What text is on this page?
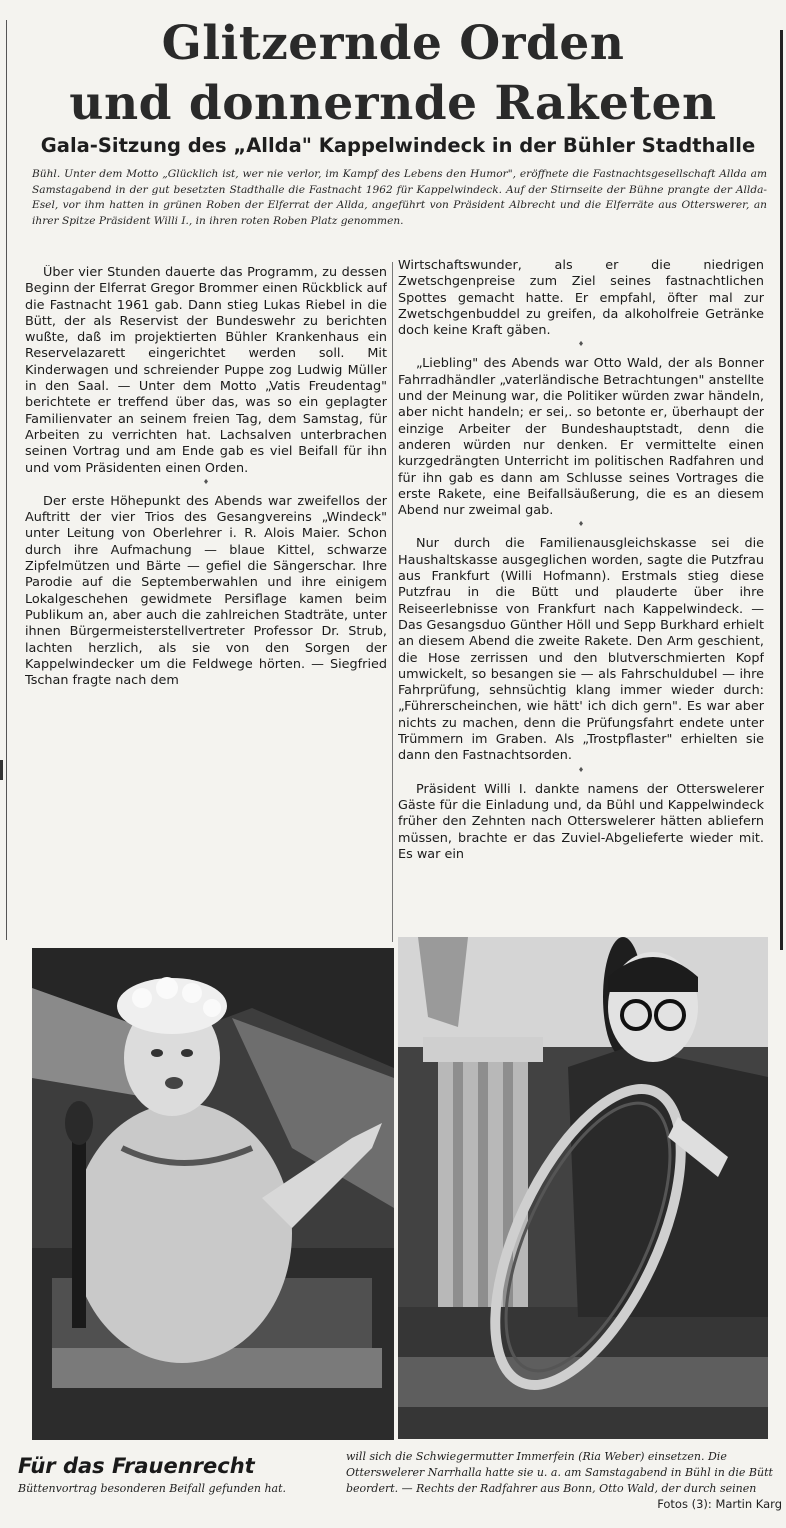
Glitzernde Orden
und donnernde Raketen
Gala-Sitzung des „Allda" Kappelwindeck in der Bühler Stadthalle
Bühl. Unter dem Motto „Glücklich ist, wer nie verlor, im Kampf des Lebens den Humor", eröffnete die Fastnachtsgesellschaft Allda am Samstagabend in der gut besetzten Stadthalle die Fastnacht 1962 für Kappelwindeck. Auf der Stirnseite der Bühne prangte der Allda-Esel, vor ihm hatten in grünen Roben der Elferrat der Allda, angeführt von Präsident Albrecht und die Elferräte aus Otterswerer, an ihrer Spitze Präsident Willi I., in ihren roten Roben Platz genommen.

Über vier Stunden dauerte das Programm, zu dessen Beginn der Elferrat Gregor Brommer einen Rückblick auf die Fastnacht 1961 gab. Dann stieg Lukas Riebel in die Bütt, der als Reservist der Bundeswehr zu berichten wußte, daß im projektierten Bühler Krankenhaus ein Reservelazarett eingerichtet werden soll. Mit Kinderwagen und schreiender Puppe zog Ludwig Müller in den Saal. — Unter dem Motto „Vatis Freudentag" berichtete er treffend über das, was so ein geplagter Familienvater an seinem freien Tag, dem Samstag, für Arbeiten zu verrichten hat. Lachsalven unterbrachen seinen Vortrag und am Ende gab es viel Beifall für ihn und vom Präsidenten einen Orden.

♦

Der erste Höhepunkt des Abends war zweifellos der Auftritt der vier Trios des Gesangvereins „Windeck" unter Leitung von Oberlehrer i. R. Alois Maier. Schon durch ihre Aufmachung — blaue Kittel, schwarze Zipfelmützen und Bärte — gefiel die Sängerschar. Ihre Parodie auf die Septemberwahlen und ihre einigem Lokalgeschehen gewidmete Persiflage kamen beim Publikum an, aber auch die zahlreichen Stadträte, unter ihnen Bürgermeisterstellvertreter Professor Dr. Strub, lachten herzlich, als sie von den Sorgen der Kappelwindecker um die Feldwege hörten. — Siegfried Tschan fragte nach dem

Wirtschaftswunder, als er die niedrigen Zwetschgenpreise zum Ziel seines fastnachtlichen Spottes gemacht hatte. Er empfahl, öfter mal zur Zwetschgenbuddel zu greifen, da alkoholfreie Getränke doch keine Kraft gäben.

♦

„Liebling" des Abends war Otto Wald, der als Bonner Fahrradhändler „vaterländische Betrachtungen" anstellte und der Meinung war, die Politiker würden zwar händeln, aber nicht handeln; er sei,. so betonte er, überhaupt der einzige Arbeiter der Bundeshauptstadt, denn die anderen würden nur denken. Er vermittelte einen kurzgedrängten Unterricht im politischen Radfahren und für ihn gab es dann am Schlusse seines Vortrages die erste Rakete, eine Beifallsäußerung, die es an diesem Abend nur zweimal gab.

♦

Nur durch die Familienausgleichskasse sei die Haushaltskasse ausgeglichen worden, sagte die Putzfrau aus Frankfurt (Willi Hofmann). Erstmals stieg diese Putzfrau in die Bütt und plauderte über ihre Reiseerlebnisse von Frankfurt nach Kappelwindeck. — Das Gesangsduo Günther Höll und Sepp Burkhard erhielt an diesem Abend die zweite Rakete. Den Arm geschient, die Hose zerrissen und den blutverschmierten Kopf umwickelt, so besangen sie — als Fahrschuldubel — ihre Fahrprüfung, sehnsüchtig klang immer wieder durch: „Führerscheinchen, wie hätt' ich dich gern". Es war aber nichts zu machen, denn die Prüfungsfahrt endete unter Trümmern im Graben. Als „Trostpflaster" erhielten sie dann den Fastnachtsorden.

♦

Präsident Willi I. dankte namens der Otterswelerer Gäste für die Einladung und, da Bühl und Kappelwindeck früher den Zehnten nach Otterswelerer hätten abliefern müssen, brachte er das Zuviel-Abgelieferte wieder mit. Es war ein

Für das Frauenrecht	will sich die Schwiegermutter Immerfein (Ria Weber) einsetzen. Die Otterswelerer Narrhalla hatte sie u. a. am Samstagabend in Bühl in die Bütt beordert. — Rechts der Radfahrer aus Bonn, Otto Wald, der durch seinen
Büttenvortrag besonderen Beifall gefunden hat.
Fotos (3): Martin Karg
